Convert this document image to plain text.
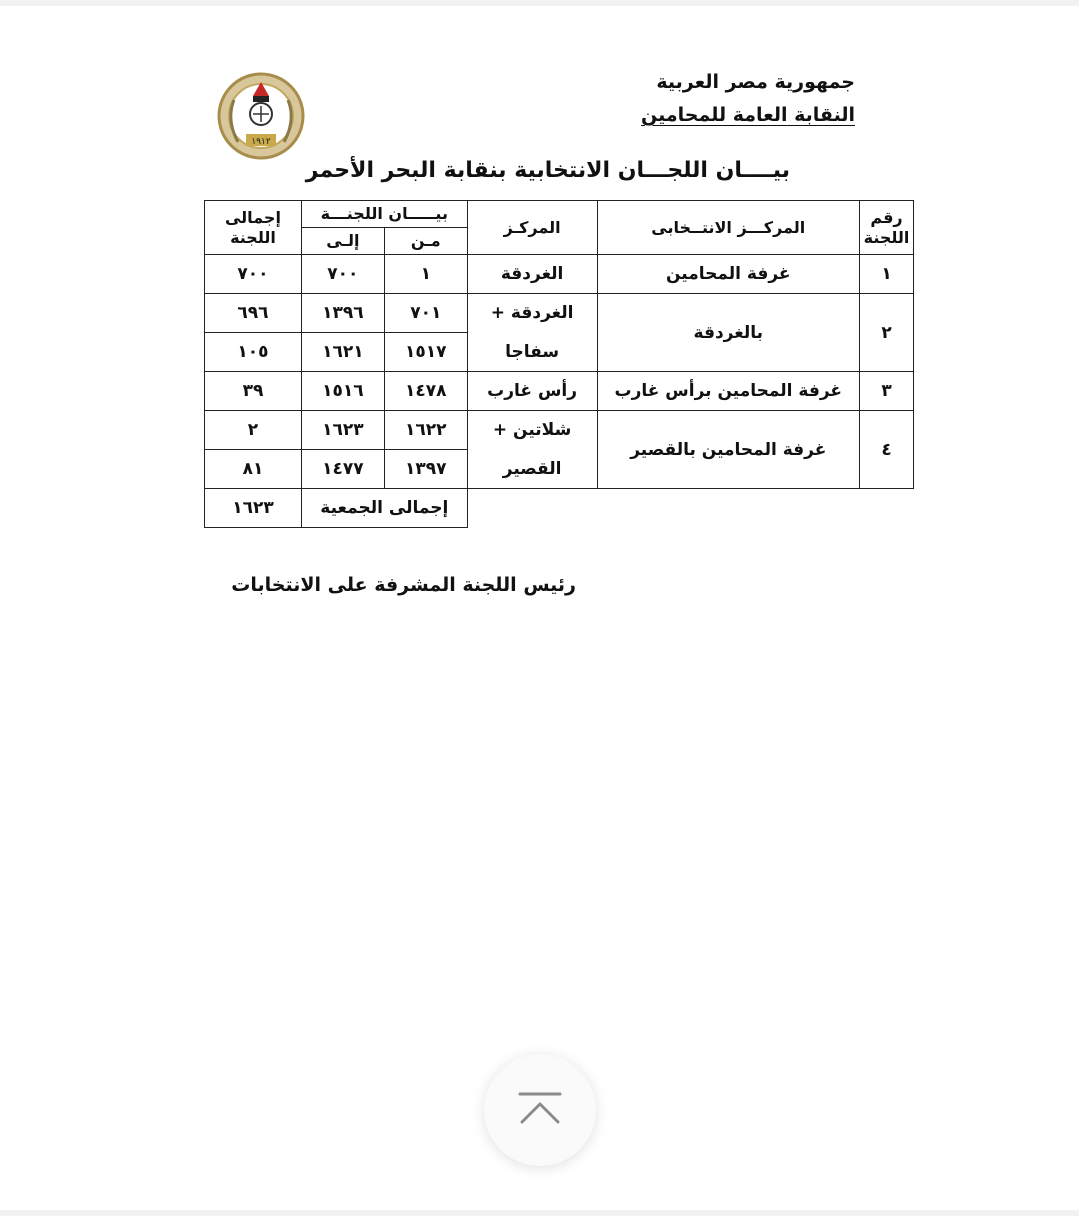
جمهورية مصر العربية
النقابة العامة للمحامين
١٩١٢
بيــــان اللجـــان الانتخابية بنقابة البحر الأحمر
رقم اللجنة	المركـــز الانتــخابى	المركـز	بيـــــان اللجنـــة		إجمالى اللجنة
			مـن	إلـى	
١	غرفة المحامين	الغردقة	١	٧٠٠	٧٠٠
٢	بالغردقة	الغردقة +	٧٠١	١٣٩٦	٦٩٦
		سفاجا	١٥١٧	١٦٢١	١٠٥
٣	غرفة المحامين برأس غارب	رأس غارب	١٤٧٨	١٥١٦	٣٩
٤	غرفة المحامين بالقصير	شلاتين +	١٦٢٢	١٦٢٣	٢
		القصير	١٣٩٧	١٤٧٧	٨١
			إجمالى الجمعية		١٦٢٣
رئيس اللجنة المشرفة على الانتخابات
